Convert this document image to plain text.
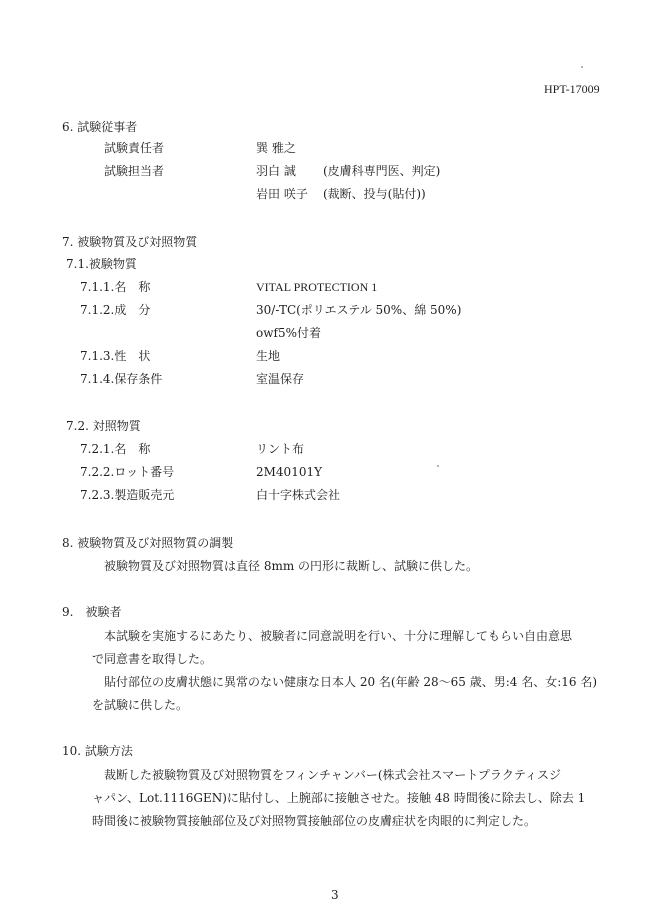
HPT-17009
6. 試験従事者
試験責任者	巽 雅之
試験担当者	羽白 誠 (皮膚科専門医、判定)
岩田 咲子 (裁断、投与(貼付))
7. 被験物質及び対照物質
7.1.被験物質
7.1.1.名　称	VITAL PROTECTION 1
7.1.2.成　分	30/-TC(ポリエステル 50%、綿 50%)
owf5%付着
7.1.3.性　状	生地
7.1.4.保存条件	室温保存
7.2. 対照物質
7.2.1.名　称	リント布
7.2.2.ロット番号	2M40101Y
7.2.3.製造販売元	白十字株式会社
8. 被験物質及び対照物質の調製
被験物質及び対照物質は直径 8mm の円形に裁断し、試験に供した。
9.　被験者
本試験を実施するにあたり、被験者に同意説明を行い、十分に理解してもらい自由意思
で同意書を取得した。
貼付部位の皮膚状態に異常のない健康な日本人 20 名(年齢 28～65 歳、男:4 名、女:16 名)
を試験に供した。
10. 試験方法
裁断した被験物質及び対照物質をフィンチャンバー(株式会社スマートプラクティスジ
ャパン、Lot.1116GEN)に貼付し、上腕部に接触させた。接触 48 時間後に除去し、除去 1
時間後に被験物質接触部位及び対照物質接触部位の皮膚症状を肉眼的に判定した。
3
